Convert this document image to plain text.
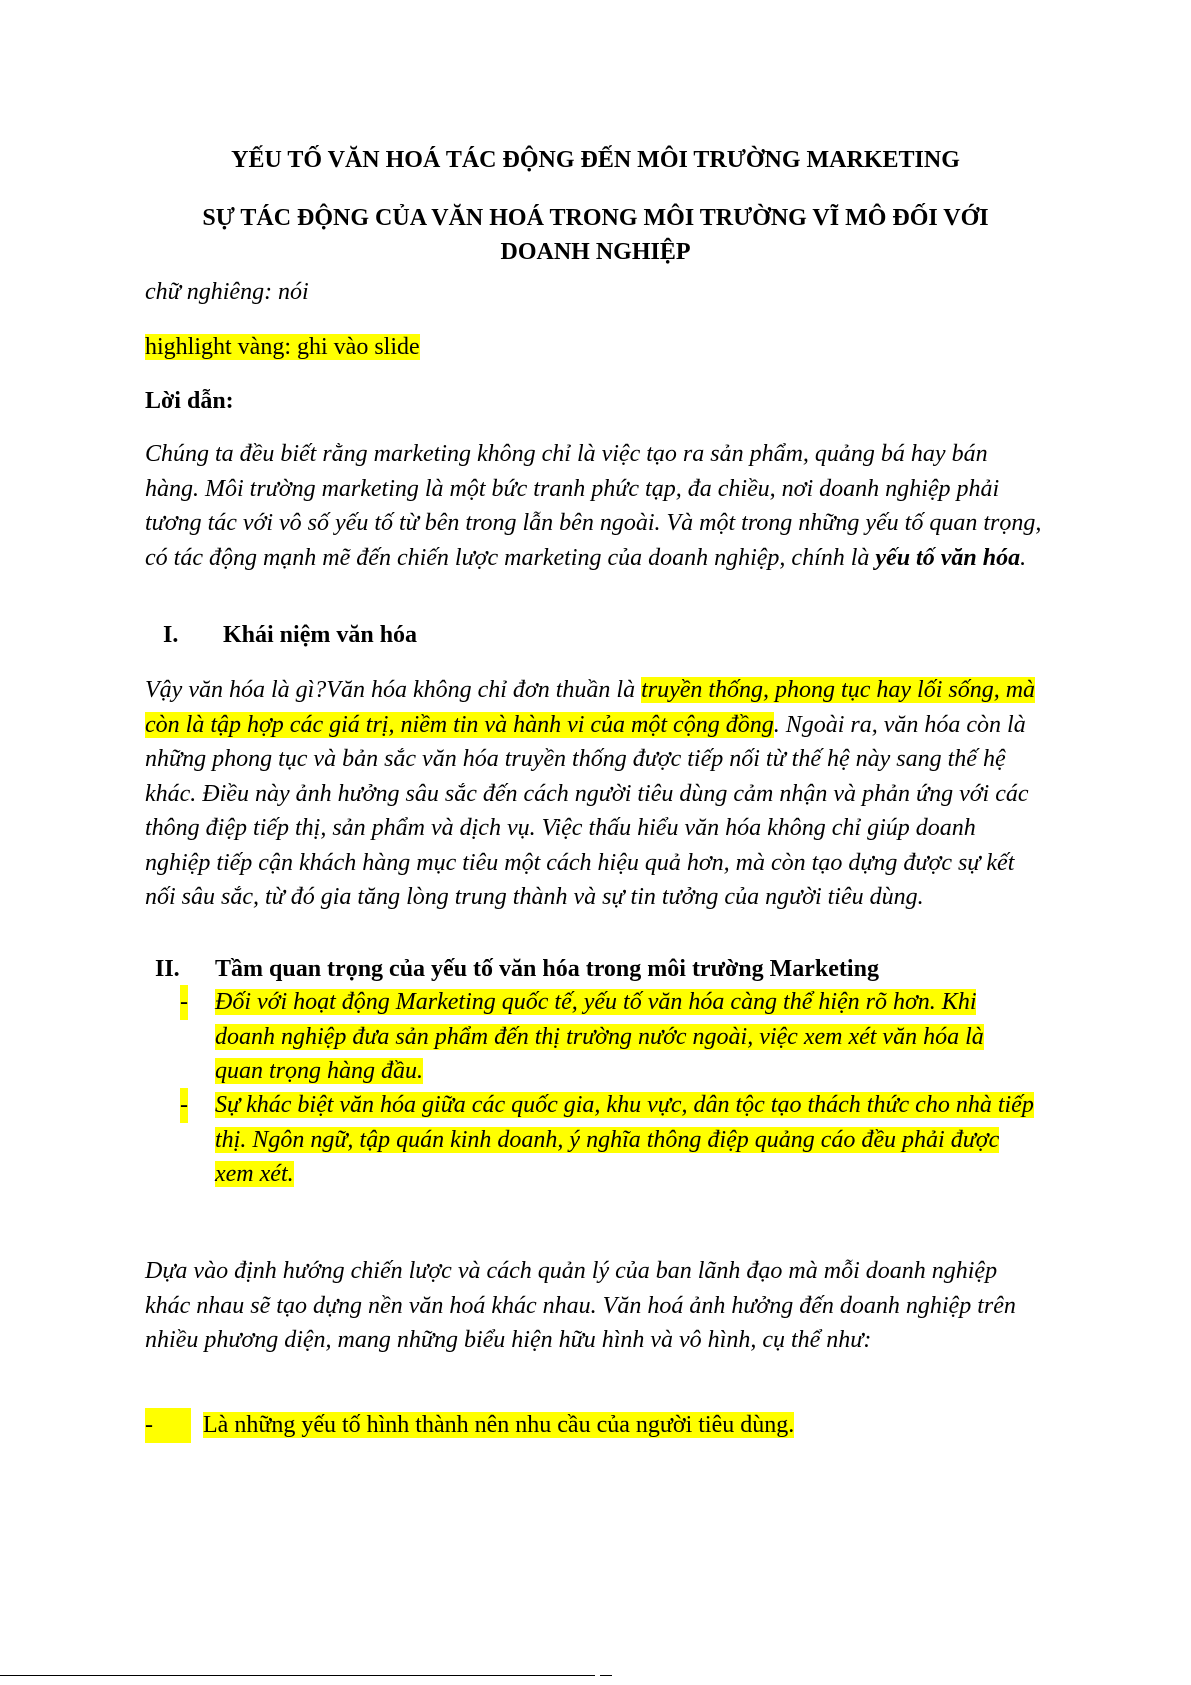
YẾU TỐ VĂN HOÁ TÁC ĐỘNG ĐẾN MÔI TRƯỜNG MARKETING
SỰ TÁC ĐỘNG CỦA VĂN HOÁ TRONG MÔI TRƯỜNG VĨ MÔ ĐỐI VỚI
DOANH NGHIỆP
chữ nghiêng: nói
highlight vàng: ghi vào slide
Lời dẫn:
Chúng ta đều biết rằng marketing không chỉ là việc tạo ra sản phẩm, quảng bá hay bán hàng. Môi trường marketing là một bức tranh phức tạp, đa chiều, nơi doanh nghiệp phải tương tác với vô số yếu tố từ bên trong lẫn bên ngoài. Và một trong những yếu tố quan trọng, có tác động mạnh mẽ đến chiến lược marketing của doanh nghiệp, chính là yếu tố văn hóa.
I. Khái niệm văn hóa
Vậy văn hóa là gì?Văn hóa không chỉ đơn thuần là truyền thống, phong tục hay lối sống, mà còn là tập hợp các giá trị, niềm tin và hành vi của một cộng đồng. Ngoài ra, văn hóa còn là những phong tục và bản sắc văn hóa truyền thống được tiếp nối từ thế hệ này sang thế hệ khác. Điều này ảnh hưởng sâu sắc đến cách người tiêu dùng cảm nhận và phản ứng với các thông điệp tiếp thị, sản phẩm và dịch vụ. Việc thấu hiểu văn hóa không chỉ giúp doanh nghiệp tiếp cận khách hàng mục tiêu một cách hiệu quả hơn, mà còn tạo dựng được sự kết nối sâu sắc, từ đó gia tăng lòng trung thành và sự tin tưởng của người tiêu dùng.
II. Tầm quan trọng của yếu tố văn hóa trong môi trường Marketing
- Đối với hoạt động Marketing quốc tế, yếu tố văn hóa càng thể hiện rõ hơn. Khi doanh nghiệp đưa sản phẩm đến thị trường nước ngoài, việc xem xét văn hóa là quan trọng hàng đầu.
- Sự khác biệt văn hóa giữa các quốc gia, khu vực, dân tộc tạo thách thức cho nhà tiếp thị. Ngôn ngữ, tập quán kinh doanh, ý nghĩa thông điệp quảng cáo đều phải được xem xét.
Dựa vào định hướng chiến lược và cách quản lý của ban lãnh đạo mà mỗi doanh nghiệp khác nhau sẽ tạo dựng nền văn hoá khác nhau. Văn hoá ảnh hưởng đến doanh nghiệp trên nhiều phương diện, mang những biểu hiện hữu hình và vô hình, cụ thể như:
-	Là những yếu tố hình thành nên nhu cầu của người tiêu dùng.
